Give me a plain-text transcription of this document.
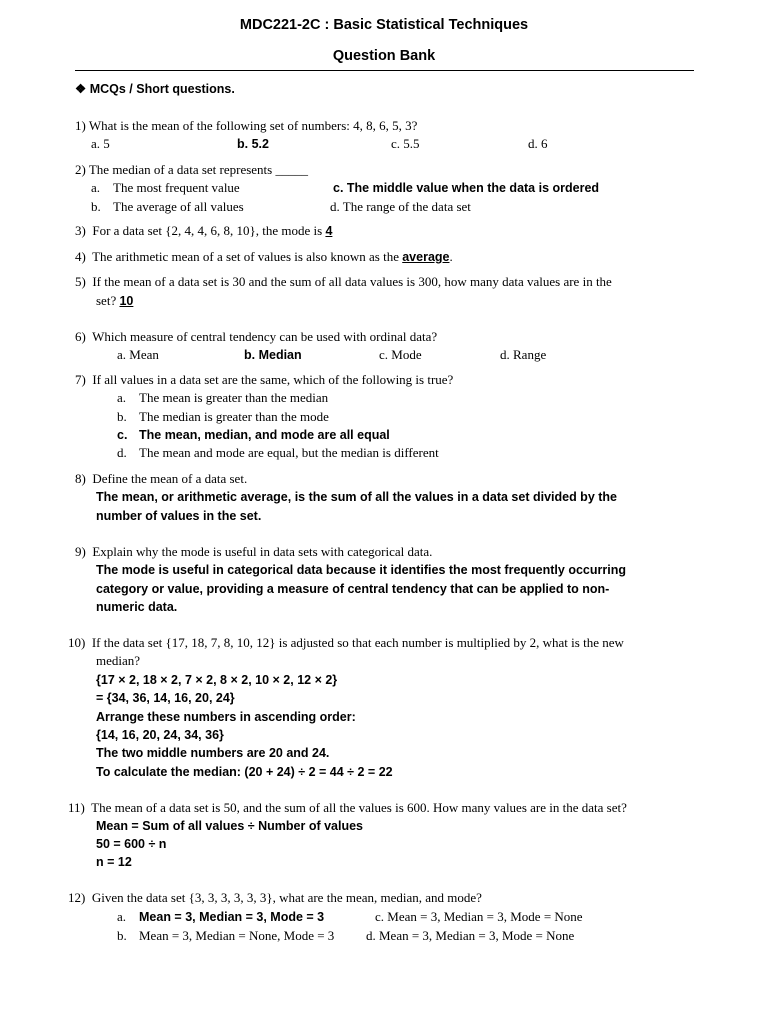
MDC221-2C : Basic Statistical Techniques
Question Bank
❖ MCQs / Short questions.
1) What is the mean of the following set of numbers: 4, 8, 6, 5, 3?
a. 5	b. 5.2	c. 5.5	d. 6
2) The median of a data set represents _____
a. The most frequent value	c. The middle value when the data is ordered
b. The average of all values	d. The range of the data set
3) For a data set {2, 4, 4, 6, 8, 10}, the mode is 4
4) The arithmetic mean of a set of values is also known as the average.
5) If the mean of a data set is 30 and the sum of all data values is 300, how many data values are in the
set? 10
6) Which measure of central tendency can be used with ordinal data?
a. Mean	b. Median	c. Mode	d. Range
7) If all values in a data set are the same, which of the following is true?
a. The mean is greater than the median
b. The median is greater than the mode
c. The mean, median, and mode are all equal
d. The mean and mode are equal, but the median is different
8) Define the mean of a data set.
The mean, or arithmetic average, is the sum of all the values in a data set divided by the
number of values in the set.
9) Explain why the mode is useful in data sets with categorical data.
The mode is useful in categorical data because it identifies the most frequently occurring
category or value, providing a measure of central tendency that can be applied to non-
numeric data.
10) If the data set {17, 18, 7, 8, 10, 12} is adjusted so that each number is multiplied by 2, what is the new
median?
{17 × 2, 18 × 2, 7 × 2, 8 × 2, 10 × 2, 12 × 2}
= {34, 36, 14, 16, 20, 24}
Arrange these numbers in ascending order:
{14, 16, 20, 24, 34, 36}
The two middle numbers are 20 and 24.
To calculate the median: (20 + 24) ÷ 2 = 44 ÷ 2 = 22
11) The mean of a data set is 50, and the sum of all the values is 600. How many values are in the data set?
Mean = Sum of all values ÷ Number of values
50 = 600 ÷ n
n = 12
12) Given the data set {3, 3, 3, 3, 3, 3}, what are the mean, median, and mode?
a. Mean = 3, Median = 3, Mode = 3	c. Mean = 3, Median = 3, Mode = None
b. Mean = 3, Median = None, Mode = 3 d. Mean = 3, Median = 3, Mode = None
